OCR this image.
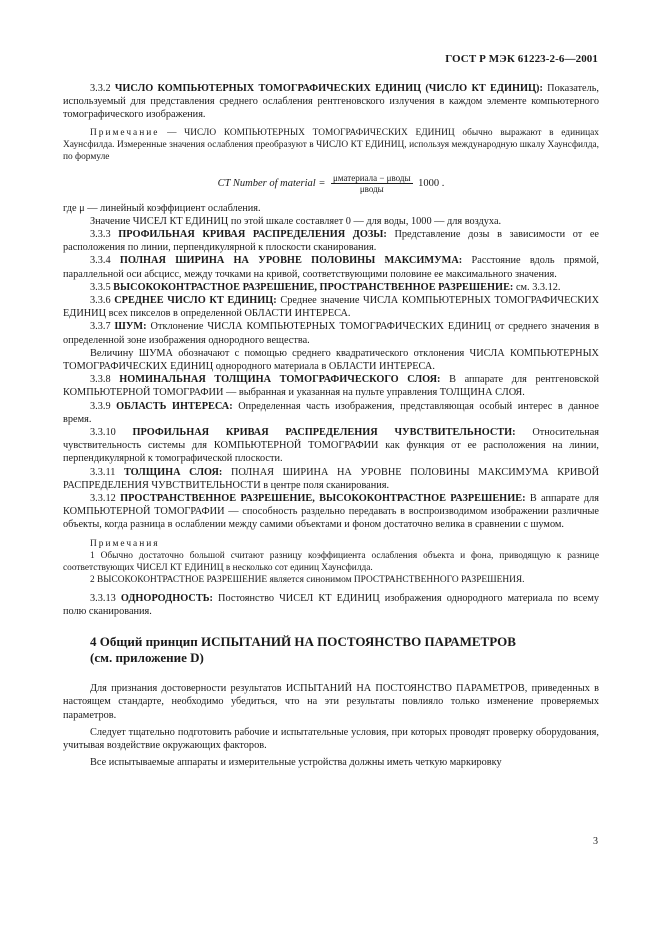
ГОСТ Р МЭК 61223-2-6—2001

3.3.2 ЧИСЛО КОМПЬЮТЕРНЫХ ТОМОГРАФИЧЕСКИХ ЕДИНИЦ (ЧИСЛО КТ ЕДИНИЦ): Показатель, используемый для представления среднего ослабления рентгеновского излучения в каждом элементе компьютерного томографического изображения.

Примечание — ЧИСЛО КОМПЬЮТЕРНЫХ ТОМОГРАФИЧЕСКИХ ЕДИНИЦ обычно выражают в единицах Хаунсфилда. Измеренные значения ослабления преобразуют в ЧИСЛО КТ ЕДИНИЦ, используя международную шкалу Хаунсфилда, по формуле

CT Number of material = $\frac{\text{μматериала − μводы}}{\text{μводы}} 1000$ .

где μ — линейный коэффициент ослабления.

Значение ЧИСЕЛ КТ ЕДИНИЦ по этой шкале составляет 0 — для воды, 1000 — для воздуха.

3.3.3 ПРОФИЛЬНАЯ КРИВАЯ РАСПРЕДЕЛЕНИЯ ДОЗЫ: Представление дозы в зависимости от ее расположения по линии, перпендикулярной к плоскости сканирования.

3.3.4 ПОЛНАЯ ШИРИНА НА УРОВНЕ ПОЛОВИНЫ МАКСИМУМА: Расстояние вдоль прямой, параллельной оси абсцисс, между точками на кривой, соответствующими половине ее максимального значения.

3.3.5 ВЫСОКОКОНТРАСТНОЕ РАЗРЕШЕНИЕ, ПРОСТРАНСТВЕННОЕ РАЗРЕШЕНИЕ: см. 3.3.12.

3.3.6 СРЕДНЕЕ ЧИСЛО КТ ЕДИНИЦ: Среднее значение ЧИСЛА КОМПЬЮТЕРНЫХ ТОМОГРАФИЧЕСКИХ ЕДИНИЦ всех пикселов в определенной ОБЛАСТИ ИНТЕРЕСА.

3.3.7 ШУМ: Отклонение ЧИСЛА КОМПЬЮТЕРНЫХ ТОМОГРАФИЧЕСКИХ ЕДИНИЦ от среднего значения в определенной зоне изображения однородного вещества.

Величину ШУМА обозначают с помощью среднего квадратического отклонения ЧИСЛА КОМПЬЮТЕРНЫХ ТОМОГРАФИЧЕСКИХ ЕДИНИЦ однородного материала в ОБЛАСТИ ИНТЕРЕСА.

3.3.8 НОМИНАЛЬНАЯ ТОЛЩИНА ТОМОГРАФИЧЕСКОГО СЛОЯ: В аппарате для рентгеновской КОМПЬЮТЕРНОЙ ТОМОГРАФИИ — выбранная и указанная на пульте управления ТОЛЩИНА СЛОЯ.

3.3.9 ОБЛАСТЬ ИНТЕРЕСА: Определенная часть изображения, представляющая особый интерес в данное время.

3.3.10 ПРОФИЛЬНАЯ КРИВАЯ РАСПРЕДЕЛЕНИЯ ЧУВСТВИТЕЛЬНОСТИ: Относительная чувствительность системы для КОМПЬЮТЕРНОЙ ТОМОГРАФИИ как функция от ее расположения на линии, перпендикулярной к томографической плоскости.

3.3.11 ТОЛЩИНА СЛОЯ: ПОЛНАЯ ШИРИНА НА УРОВНЕ ПОЛОВИНЫ МАКСИМУМА КРИВОЙ РАСПРЕДЕЛЕНИЯ ЧУВСТВИТЕЛЬНОСТИ в центре поля сканирования.

3.3.12 ПРОСТРАНСТВЕННОЕ РАЗРЕШЕНИЕ, ВЫСОКОКОНТРАСТНОЕ РАЗРЕШЕНИЕ: В аппарате для КОМПЬЮТЕРНОЙ ТОМОГРАФИИ — способность раздельно передавать в воспроизводимом изображении различные объекты, когда разница в ослаблении между самими объектами и фоном достаточно велика в сравнении с шумом.

Примечания

1 Обычно достаточно большой считают разницу коэффициента ослабления объекта и фона, приводящую к разнице соответствующих ЧИСЕЛ КТ ЕДИНИЦ в несколько сот единиц Хаунсфилда.

2 ВЫСОКОКОНТРАСТНОЕ РАЗРЕШЕНИЕ является синонимом ПРОСТРАНСТВЕННОГО РАЗРЕШЕНИЯ.

3.3.13 ОДНОРОДНОСТЬ: Постоянство ЧИСЕЛ КТ ЕДИНИЦ изображения однородного материала по всему полю сканирования.

4 Общий принцип ИСПЫТАНИЙ НА ПОСТОЯНСТВО ПАРАМЕТРОВ

(см. приложение D)

Для признания достоверности результатов ИСПЫТАНИЙ НА ПОСТОЯНСТВО ПАРАМЕТРОВ, приведенных в настоящем стандарте, необходимо убедиться, что на эти результаты повлияло только изменение проверяемых параметров.

Следует тщательно подготовить рабочие и испытательные условия, при которых проводят проверку оборудования, учитывая воздействие окружающих факторов.

Все испытываемые аппараты и измерительные устройства должны иметь четкую маркировку

3
